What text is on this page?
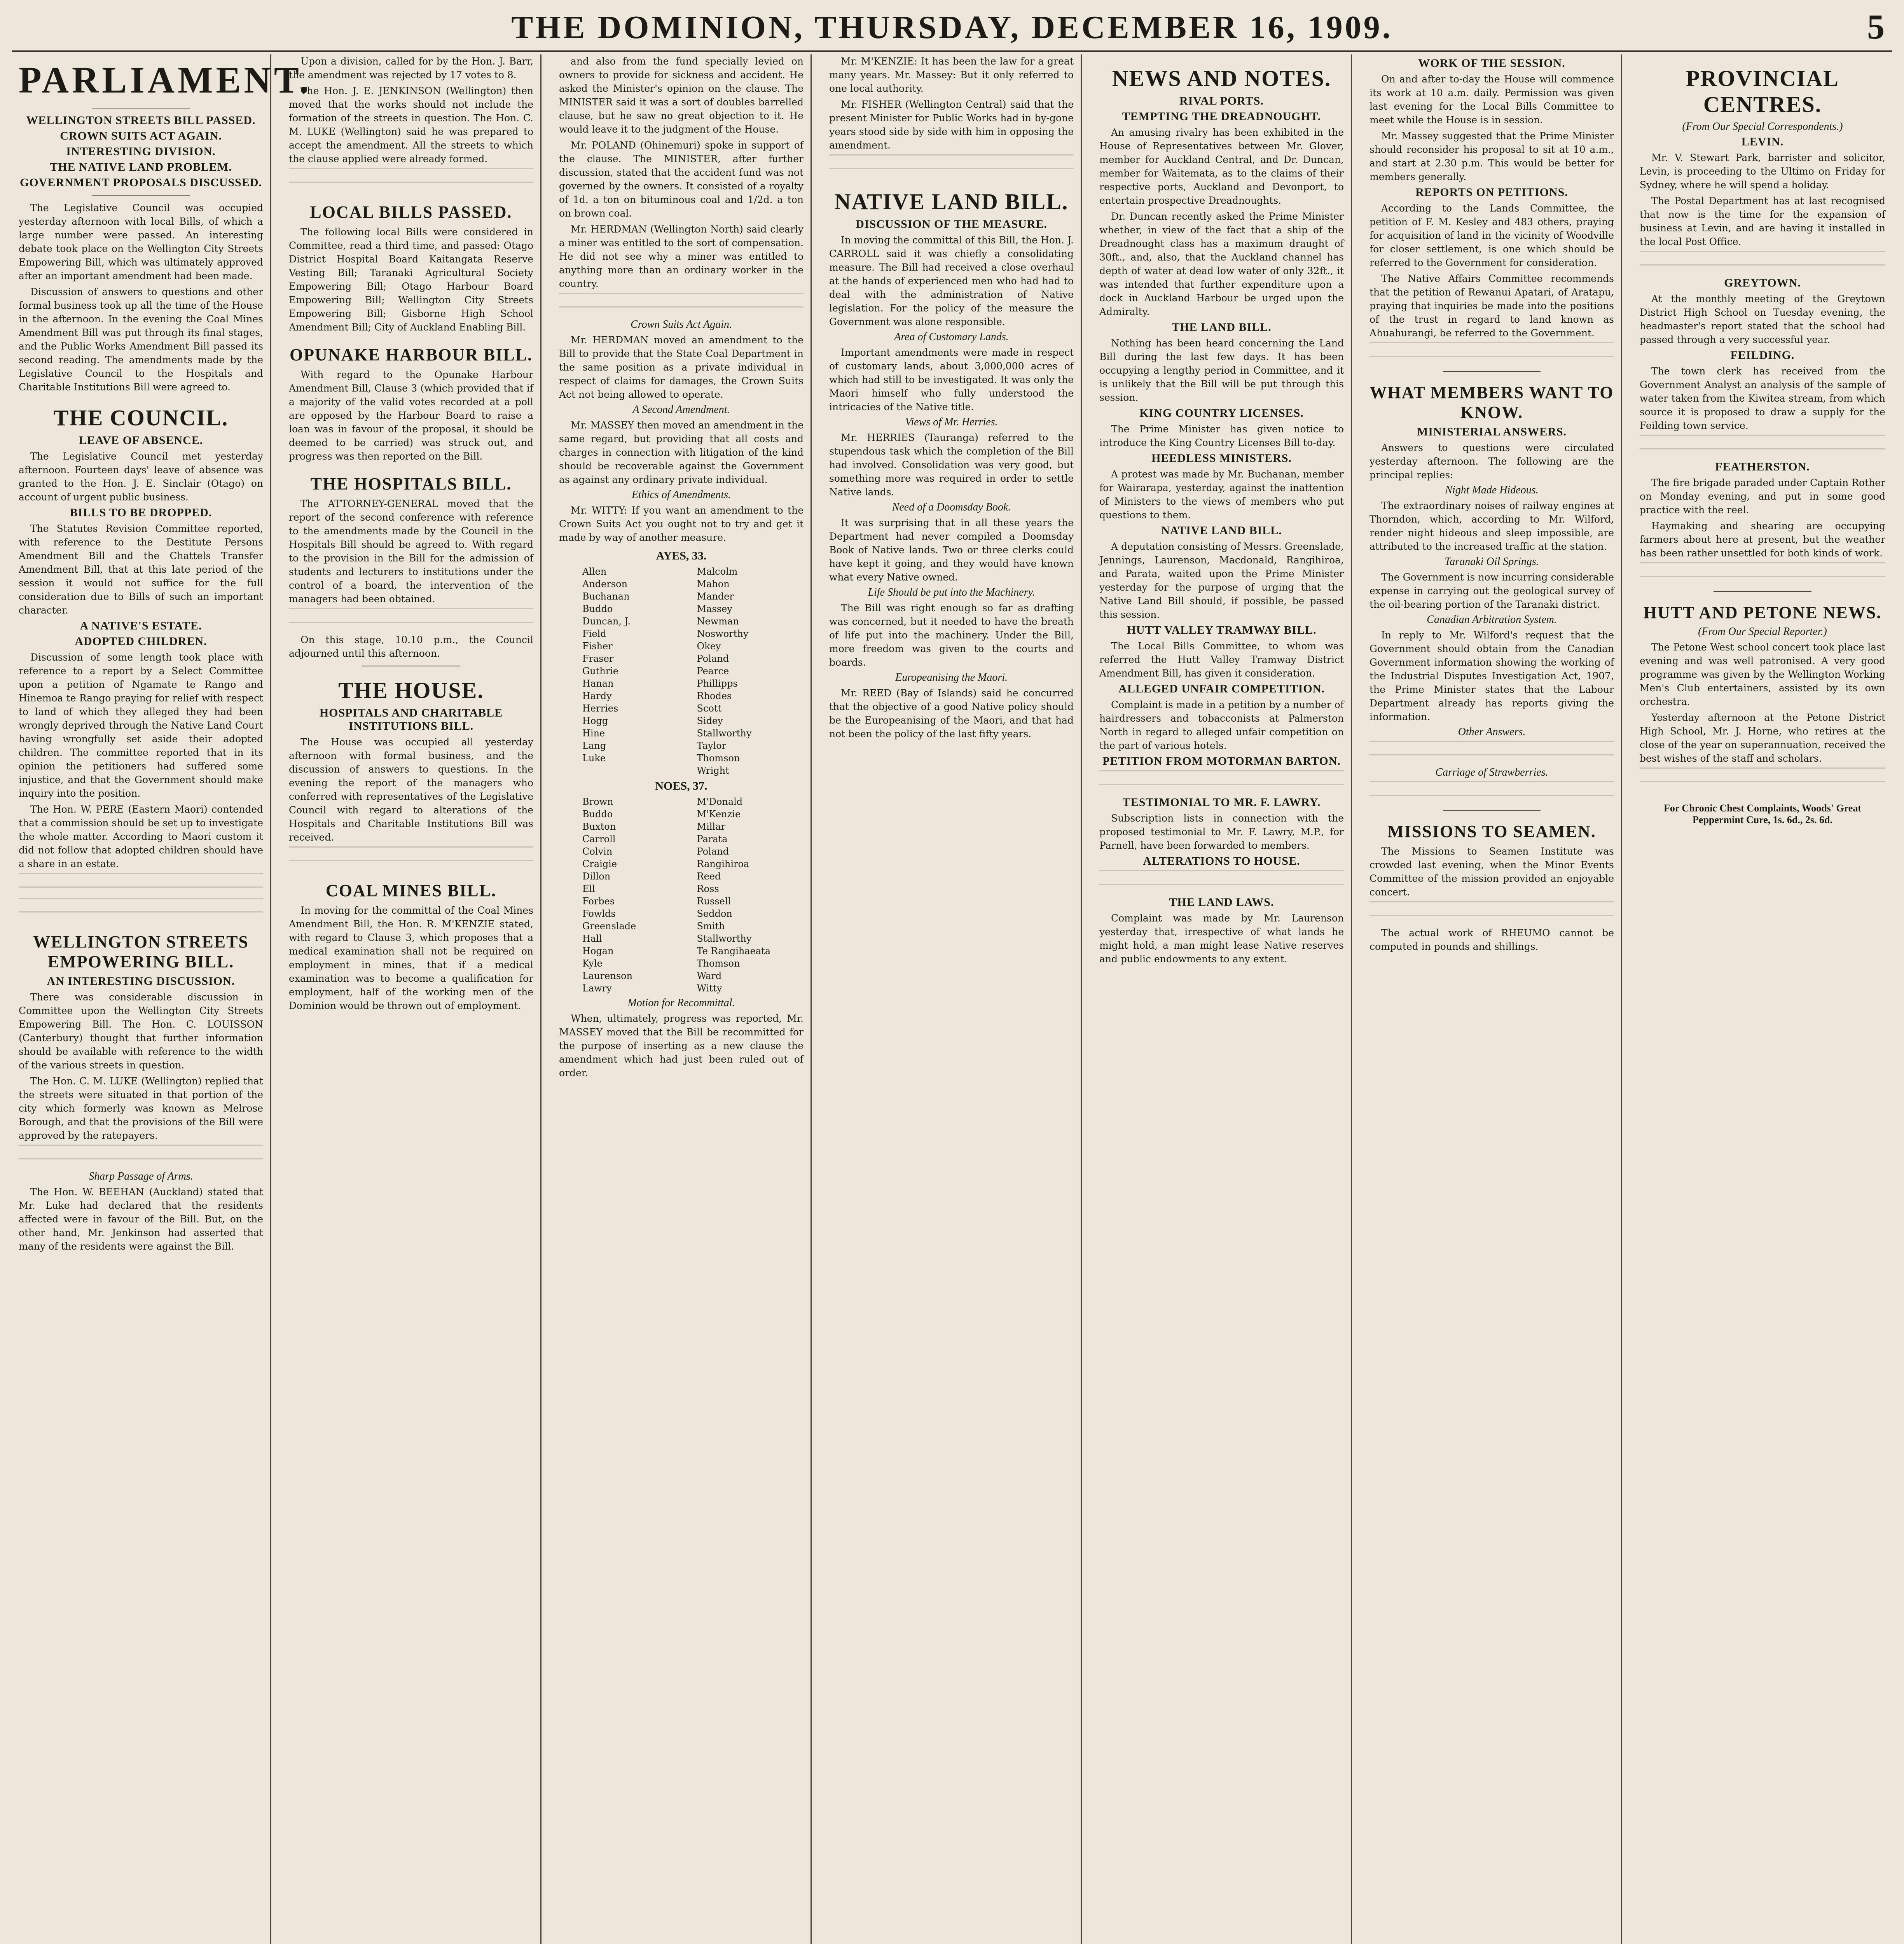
THE DOMINION, THURSDAY, DECEMBER 16, 1909.	5
PARLIAMENT.
WELLINGTON STREETS BILL PASSED.
CROWN SUITS ACT AGAIN.
INTERESTING DIVISION.
THE NATIVE LAND PROBLEM.
GOVERNMENT PROPOSALS DISCUSSED.

The Legislative Council was occupied yesterday afternoon with local Bills, of which a large number were passed. An interesting debate took place on the Wellington City Streets Empowering Bill, which was ultimately approved after an important amendment had been made.

Discussion of answers to questions and other formal business took up all the time of the House in the afternoon. In the evening the Coal Mines Amendment Bill was put through its final stages, and the Public Works Amendment Bill passed its second reading. The amendments made by the Legislative Council to the Hospitals and Charitable Institutions Bill were agreed to.

THE COUNCIL.
LEAVE OF ABSENCE.

The Legislative Council met yesterday afternoon. Fourteen days' leave of absence was granted to the Hon. J. E. Sinclair (Otago) on account of urgent public business.

BILLS TO BE DROPPED.

The Statutes Revision Committee reported, with reference to the Destitute Persons Amendment Bill and the Chattels Transfer Amendment Bill, that at this late period of the session it would not suffice for the full consideration due to Bills of such an important character.

A NATIVE'S ESTATE.
ADOPTED CHILDREN.

Discussion of some length took place with reference to a report by a Select Committee upon a petition of Ngamate te Rango and Hinemoa te Rango praying for relief with respect to land of which they alleged they had been wrongly deprived through the Native Land Court having wrongfully set aside their adopted children. The committee reported that in its opinion the petitioners had suffered some injustice, and that the Government should make inquiry into the position.

The Hon. W. PERE (Eastern Maori) contended that a commission should be set up to investigate the whole matter. According to Maori custom it did not follow that adopted children should have a share in an estate.

WELLINGTON STREETS EMPOWERING BILL.
AN INTERESTING DISCUSSION.

There was considerable discussion in Committee upon the Wellington City Streets Empowering Bill. The Hon. C. LOUISSON (Canterbury) thought that further information should be available with reference to the width of the various streets in question.

The Hon. C. M. LUKE (Wellington) replied that the streets were situated in that portion of the city which formerly was known as Melrose Borough, and that the provisions of the Bill were approved by the ratepayers.

Sharp Passage of Arms.

The Hon. W. BEEHAN (Auckland) stated that Mr. Luke had declared that the residents affected were in favour of the Bill. But, on the other hand, Mr. Jenkinson had asserted that many of the residents were against the Bill.

Upon a division, called for by the Hon. J. Barr, the amendment was rejected by 17 votes to 8.

The Hon. J. E. JENKINSON (Wellington) then moved that the works should not include the formation of the streets in question. The Hon. C. M. LUKE (Wellington) said he was prepared to accept the amendment. All the streets to which the clause applied were already formed.

LOCAL BILLS PASSED.

The following local Bills were considered in Committee, read a third time, and passed: Otago District Hospital Board Kaitangata Reserve Vesting Bill; Taranaki Agricultural Society Empowering Bill; Otago Harbour Board Empowering Bill; Wellington City Streets Empowering Bill; Gisborne High School Amendment Bill; City of Auckland Enabling Bill.

OPUNAKE HARBOUR BILL.

With regard to the Opunake Harbour Amendment Bill, Clause 3 (which provided that if a majority of the valid votes recorded at a poll are opposed by the Harbour Board to raise a loan was in favour of the proposal, it should be deemed to be carried) was struck out, and progress was then reported on the Bill.

THE HOSPITALS BILL.

The ATTORNEY-GENERAL moved that the report of the second conference with reference to the amendments made by the Council in the Hospitals Bill should be agreed to. With regard to the provision in the Bill for the admission of students and lecturers to institutions under the control of a board, the intervention of the managers had been obtained.

On this stage, 10.10 p.m., the Council adjourned until this afternoon.

THE HOUSE.
HOSPITALS AND CHARITABLE INSTITUTIONS BILL.

The House was occupied all yesterday afternoon with formal business, and the discussion of answers to questions. In the evening the report of the managers who conferred with representatives of the Legislative Council with regard to alterations of the Hospitals and Charitable Institutions Bill was received.

COAL MINES BILL.

In moving for the committal of the Coal Mines Amendment Bill, the Hon. R. M'KENZIE stated, with regard to Clause 3, which proposes that a medical examination shall not be required on employment in mines, that if a medical examination was to become a qualification for employment, half of the working men of the Dominion would be thrown out of employment.

and also from the fund specially levied on owners to provide for sickness and accident. He asked the Minister's opinion on the clause. The MINISTER said it was a sort of doubles barrelled clause, but he saw no great objection to it. He would leave it to the judgment of the House.

Mr. POLAND (Ohinemuri) spoke in support of the clause. The MINISTER, after further discussion, stated that the accident fund was not governed by the owners. It consisted of a royalty of 1d. a ton on bituminous coal and 1/2d. a ton on brown coal.

Mr. HERDMAN (Wellington North) said clearly a miner was entitled to the sort of compensation. He did not see why a miner was entitled to anything more than an ordinary worker in the country.

Crown Suits Act Again.

Mr. HERDMAN moved an amendment to the Bill to provide that the State Coal Department in the same position as a private individual in respect of claims for damages, the Crown Suits Act not being allowed to operate.

A Second Amendment.

Mr. MASSEY then moved an amendment in the same regard, but providing that all costs and charges in connection with litigation of the kind should be recoverable against the Government as against any ordinary private individual.

Ethics of Amendments.

Mr. WITTY: If you want an amendment to the Crown Suits Act you ought not to try and get it made by way of another measure.

AYES, 33.
Allen	Malcolm
Anderson	Mahon
Buchanan	Mander
Buddo	Massey
Duncan, J.	Newman
Field	Nosworthy
Fisher	Okey
Fraser	Poland
Guthrie	Pearce
Hanan	Phillipps
Hardy	Rhodes
Herries	Scott
Hogg	Sidey
Hine	Stallworthy
Lang	Taylor
Luke	Thomson
Wright
NOES, 37.
Brown	M'Donald
Buddo	M'Kenzie
Buxton	Millar
Carroll	Parata
Colvin	Poland
Craigie	Rangihiroa
Dillon	Reed
Ell	Ross
Forbes	Russell
Fowlds	Seddon
Greenslade	Smith
Hall	Stallworthy
Hogan	Te Rangihaeata
Kyle	Thomson
Laurenson	Ward
Lawry	Witty
Motion for Recommittal.

When, ultimately, progress was reported, Mr. MASSEY moved that the Bill be recommitted for the purpose of inserting as a new clause the amendment which had just been ruled out of order.

Mr. M'KENZIE: It has been the law for a great many years. Mr. Massey: But it only referred to one local authority.

Mr. FISHER (Wellington Central) said that the present Minister for Public Works had in by-gone years stood side by side with him in opposing the amendment.

NATIVE LAND BILL.
DISCUSSION OF THE MEASURE.

In moving the committal of this Bill, the Hon. J. CARROLL said it was chiefly a consolidating measure. The Bill had received a close overhaul at the hands of experienced men who had had to deal with the administration of Native legislation. For the policy of the measure the Government was alone responsible.

Area of Customary Lands.

Important amendments were made in respect of customary lands, about 3,000,000 acres of which had still to be investigated. It was only the Maori himself who fully understood the intricacies of the Native title.

Views of Mr. Herries.

Mr. HERRIES (Tauranga) referred to the stupendous task which the completion of the Bill had involved. Consolidation was very good, but something more was required in order to settle Native lands.

Need of a Doomsday Book.

It was surprising that in all these years the Department had never compiled a Doomsday Book of Native lands. Two or three clerks could have kept it going, and they would have known what every Native owned.

Life Should be put into the Machinery.

The Bill was right enough so far as drafting was concerned, but it needed to have the breath of life put into the machinery. Under the Bill, more freedom was given to the courts and boards.

Europeanising the Maori.

Mr. REED (Bay of Islands) said he concurred that the objective of a good Native policy should be the Europeanising of the Maori, and that had not been the policy of the last fifty years.

NEWS AND NOTES.
RIVAL PORTS.
TEMPTING THE DREADNOUGHT.

An amusing rivalry has been exhibited in the House of Representatives between Mr. Glover, member for Auckland Central, and Dr. Duncan, member for Waitemata, as to the claims of their respective ports, Auckland and Devonport, to entertain prospective Dreadnoughts.

Dr. Duncan recently asked the Prime Minister whether, in view of the fact that a ship of the Dreadnought class has a maximum draught of 30ft., and, also, that the Auckland channel has depth of water at dead low water of only 32ft., it was intended that further expenditure upon a dock in Auckland Harbour be urged upon the Admiralty.

THE LAND BILL.

Nothing has been heard concerning the Land Bill during the last few days. It has been occupying a lengthy period in Committee, and it is unlikely that the Bill will be put through this session.

KING COUNTRY LICENSES.

The Prime Minister has given notice to introduce the King Country Licenses Bill to-day.

HEEDLESS MINISTERS.

A protest was made by Mr. Buchanan, member for Wairarapa, yesterday, against the inattention of Ministers to the views of members who put questions to them.

NATIVE LAND BILL.

A deputation consisting of Messrs. Greenslade, Jennings, Laurenson, Macdonald, Rangihiroa, and Parata, waited upon the Prime Minister yesterday for the purpose of urging that the Native Land Bill should, if possible, be passed this session.

HUTT VALLEY TRAMWAY BILL.

The Local Bills Committee, to whom was referred the Hutt Valley Tramway District Amendment Bill, has given it consideration.

ALLEGED UNFAIR COMPETITION.

Complaint is made in a petition by a number of hairdressers and tobacconists at Palmerston North in regard to alleged unfair competition on the part of various hotels.

PETITION FROM MOTORMAN BARTON.
TESTIMONIAL TO MR. F. LAWRY.

Subscription lists in connection with the proposed testimonial to Mr. F. Lawry, M.P., for Parnell, have been forwarded to members.

ALTERATIONS TO HOUSE.
THE LAND LAWS.

Complaint was made by Mr. Laurenson yesterday that, irrespective of what lands he might hold, a man might lease Native reserves and public endowments to any extent.

WORK OF THE SESSION.

On and after to-day the House will commence its work at 10 a.m. daily. Permission was given last evening for the Local Bills Committee to meet while the House is in session.

Mr. Massey suggested that the Prime Minister should reconsider his proposal to sit at 10 a.m., and start at 2.30 p.m. This would be better for members generally.

REPORTS ON PETITIONS.

According to the Lands Committee, the petition of F. M. Kesley and 483 others, praying for acquisition of land in the vicinity of Woodville for closer settlement, is one which should be referred to the Government for consideration.

The Native Affairs Committee recommends that the petition of Rewanui Apatari, of Aratapu, praying that inquiries be made into the positions of the trust in regard to land known as Ahuahurangi, be referred to the Government.

WHAT MEMBERS WANT TO KNOW.
MINISTERIAL ANSWERS.

Answers to questions were circulated yesterday afternoon. The following are the principal replies:

Night Made Hideous.

The extraordinary noises of railway engines at Thorndon, which, according to Mr. Wilford, render night hideous and sleep impossible, are attributed to the increased traffic at the station.

Taranaki Oil Springs.

The Government is now incurring considerable expense in carrying out the geological survey of the oil-bearing portion of the Taranaki district.

Canadian Arbitration System.

In reply to Mr. Wilford's request that the Government should obtain from the Canadian Government information showing the working of the Industrial Disputes Investigation Act, 1907, the Prime Minister states that the Labour Department already has reports giving the information.

Other Answers.
Carriage of Strawberries.
MISSIONS TO SEAMEN.

The Missions to Seamen Institute was crowded last evening, when the Minor Events Committee of the mission provided an enjoyable concert.

The actual work of RHEUMO cannot be computed in pounds and shillings.

PROVINCIAL CENTRES.
(From Our Special Correspondents.)
LEVIN.

Mr. V. Stewart Park, barrister and solicitor, Levin, is proceeding to the Ultimo on Friday for Sydney, where he will spend a holiday.

The Postal Department has at last recognised that now is the time for the expansion of business at Levin, and are having it installed in the local Post Office.

GREYTOWN.

At the monthly meeting of the Greytown District High School on Tuesday evening, the headmaster's report stated that the school had passed through a very successful year.

FEILDING.

The town clerk has received from the Government Analyst an analysis of the sample of water taken from the Kiwitea stream, from which source it is proposed to draw a supply for the Feilding town service.

FEATHERSTON.

The fire brigade paraded under Captain Rother on Monday evening, and put in some good practice with the reel.

Haymaking and shearing are occupying farmers about here at present, but the weather has been rather unsettled for both kinds of work.

HUTT AND PETONE NEWS.
(From Our Special Reporter.)

The Petone West school concert took place last evening and was well patronised. A very good programme was given by the Wellington Working Men's Club entertainers, assisted by its own orchestra.

Yesterday afternoon at the Petone District High School, Mr. J. Horne, who retires at the close of the year on superannuation, received the best wishes of the staff and scholars.

For Chronic Chest Complaints, Woods' Great Peppermint Cure, 1s. 6d., 2s. 6d.
